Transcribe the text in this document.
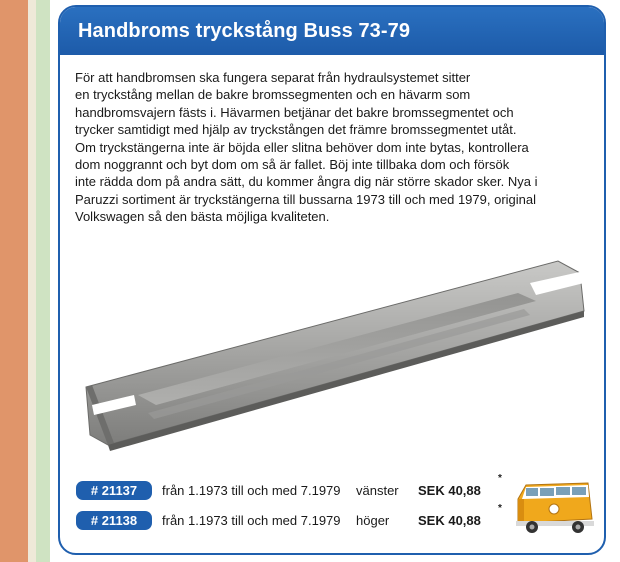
Handbroms tryckstång Buss 73-79

För att handbromsen ska fungera separat från hydraulsystemet sitter

en tryckstång mellan de bakre bromssegmenten och en hävarm som

handbromsvajern fästs i. Hävarmen betjänar det bakre bromssegmentet och

trycker samtidigt med hjälp av tryckstången det främre bromssegmentet utåt.

Om tryckstängerna inte är böjda eller slitna behöver dom inte bytas, kontrollera

dom noggrannt och byt dom om så är fallet. Böj inte tillbaka dom och försök

inte rädda dom på andra sätt, du kommer ångra dig när större skador sker. Nya i

Paruzzi sortiment är tryckstängerna till bussarna 1973 till och med 1979, original

Volkswagen så den bästa möjliga kvaliteten.

# 21137	från 1.1973 till och med 7.1979	vänster	SEK 40,88
*
# 21138	från 1.1973 till och med 7.1979	höger	SEK 40,88
*
